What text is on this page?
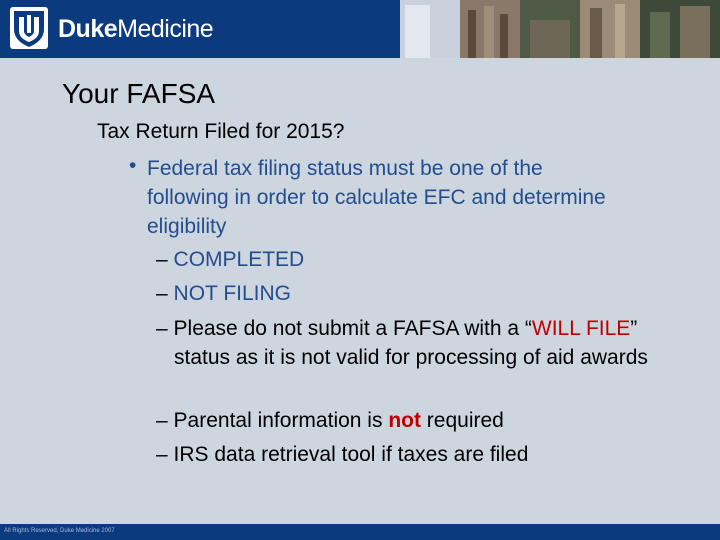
DukeMedicine
Your FAFSA
Tax Return Filed for 2015?
• Federal tax filing status must be one of the following in order to calculate EFC and determine eligibility
– COMPLETED
– NOT FILING
– Please do not submit a FAFSA with a “WILL FILE” status as it is not valid for processing of aid awards
– Parental information is not required
– IRS data retrieval tool if taxes are filed
All Rights Reserved, Duke Medicine 2007
